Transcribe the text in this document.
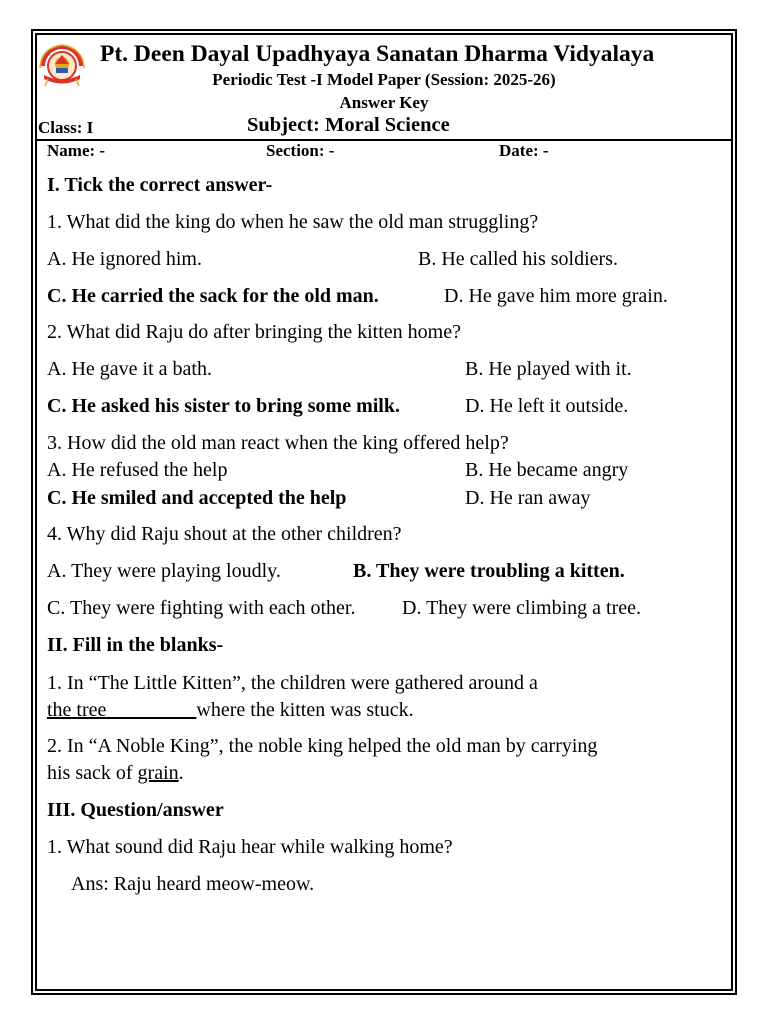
Pt. Deen Dayal Upadhyaya Sanatan Dharma Vidyalaya
Periodic Test -I Model Paper (Session: 2025-26)
Answer Key
Class: I	Subject: Moral Science
Name: -	Section: -	Date: -
I. Tick the correct answer-
1. What did the king do when he saw the old man struggling?
A. He ignored him.	B. He called his soldiers.
C. He carried the sack for the old man.	D. He gave him more grain.
2. What did Raju do after bringing the kitten home?
A. He gave it a bath.	B. He played with it.
C. He asked his sister to bring some milk.	D. He left it outside.
3. How did the old man react when the king offered help?
A. He refused the help	B. He became angry
C. He smiled and accepted the help	D. He ran away
4. Why did Raju shout at the other children?
A. They were playing loudly.	B. They were troubling a kitten.
C. They were fighting with each other. D. They were climbing a tree.
II. Fill in the blanks-
1. In “The Little Kitten”, the children were gathered around a
the tree	where the kitten was stuck.
2. In “A Noble King”, the noble king helped the old man by carrying
his sack of grain.
III. Question/answer
1. What sound did Raju hear while walking home?
Ans: Raju heard meow-meow.
